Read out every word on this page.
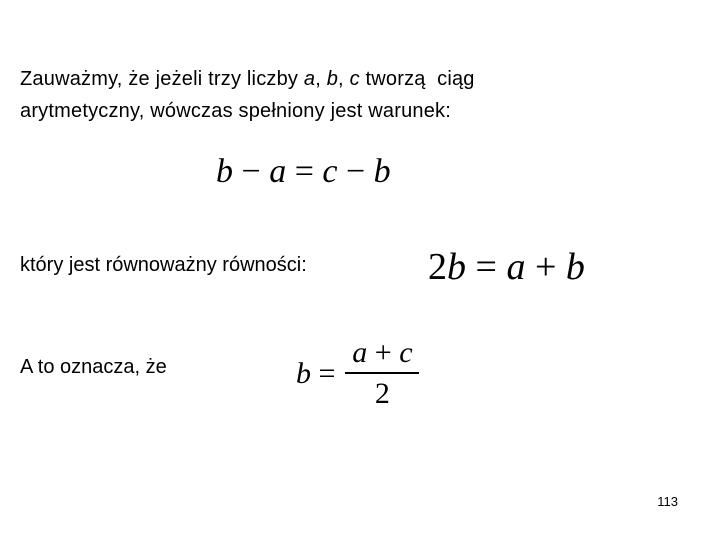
Zauważmy, że jeżeli trzy liczby a, b, c tworzą  ciąg
arytmetyczny, wówczas spełniony jest warunek:
b − a = c − b
który jest równoważny równości:	2b = a + b
A to oznacza, że	$b = \frac{a + c}{2}$
113
